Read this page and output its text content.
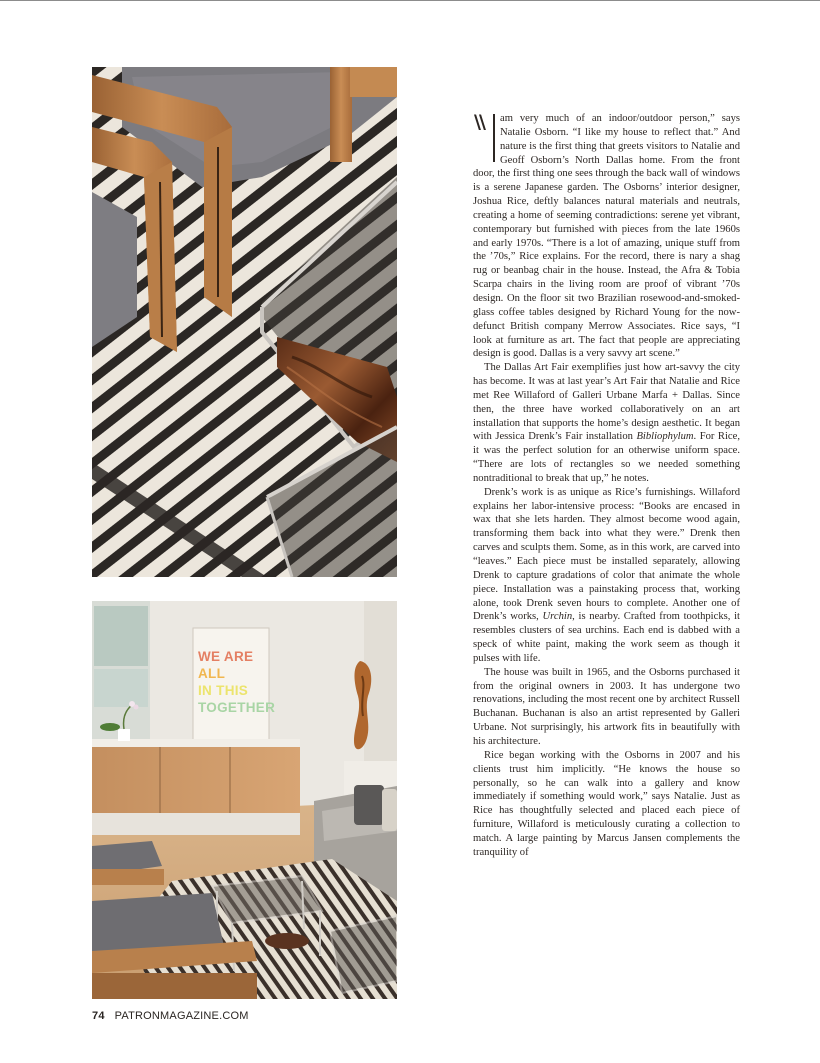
WE ARE
ALL
IN THIS
TOGETHER

\\ am very much of an indoor/outdoor person,” says Natalie Osborn. “I like my house to reflect that.” And nature is the first thing that greets visitors to Natalie and Geoff Osborn’s North Dallas home. From the front door, the first thing one sees through the back wall of windows is a serene Japanese garden. The Osborns’ interior designer, Joshua Rice, deftly balances natural materials and neutrals, creating a home of seeming contradictions: serene yet vibrant, contemporary but furnished with pieces from the late 1960s and early 1970s. “There is a lot of amazing, unique stuff from the ’70s,” Rice explains. For the record, there is nary a shag rug or beanbag chair in the house. Instead, the Afra & Tobia Scarpa chairs in the living room are proof of vibrant ’70s design. On the floor sit two Brazilian rosewood-and-smoked-glass coffee tables designed by Richard Young for the now-defunct British company Merrow Associates. Rice says, “I look at furniture as art. The fact that people are appreciating design is good. Dallas is a very savvy art scene.”

The Dallas Art Fair exemplifies just how art-savvy the city has become. It was at last year’s Art Fair that Natalie and Rice met Ree Willaford of Galleri Urbane Marfa + Dallas. Since then, the three have worked collaboratively on an art installation that supports the home’s design aesthetic. It began with Jessica Drenk’s Fair installation Bibliophylum. For Rice, it was the perfect solution for an otherwise uniform space. “There are lots of rectangles so we needed something nontraditional to break that up,” he notes.

Drenk’s work is as unique as Rice’s furnishings. Willaford explains her labor-intensive process: “Books are encased in wax that she lets harden. They almost become wood again, transforming them back into what they were.” Drenk then carves and sculpts them. Some, as in this work, are carved into “leaves.” Each piece must be installed separately, allowing Drenk to capture gradations of color that animate the whole piece. Installation was a painstaking process that, working alone, took Drenk seven hours to complete. Another one of Drenk’s works, Urchin, is nearby. Crafted from toothpicks, it resembles clusters of sea urchins. Each end is dabbed with a speck of white paint, making the work seem as though it pulses with life.

The house was built in 1965, and the Osborns purchased it from the original owners in 2003. It has undergone two renovations, including the most recent one by architect Russell Buchanan. Buchanan is also an artist represented by Galleri Urbane. Not surprisingly, his artwork fits in beautifully with his architecture.

Rice began working with the Osborns in 2007 and his clients trust him implicitly. “He knows the house so personally, so he can walk into a gallery and know immediately if something would work,” says Natalie. Just as Rice has thoughtfully selected and placed each piece of furniture, Willaford is meticulously curating a collection to match. A large painting by Marcus Jansen complements the tranquility of

74 PATRONMAGAZINE.COM
